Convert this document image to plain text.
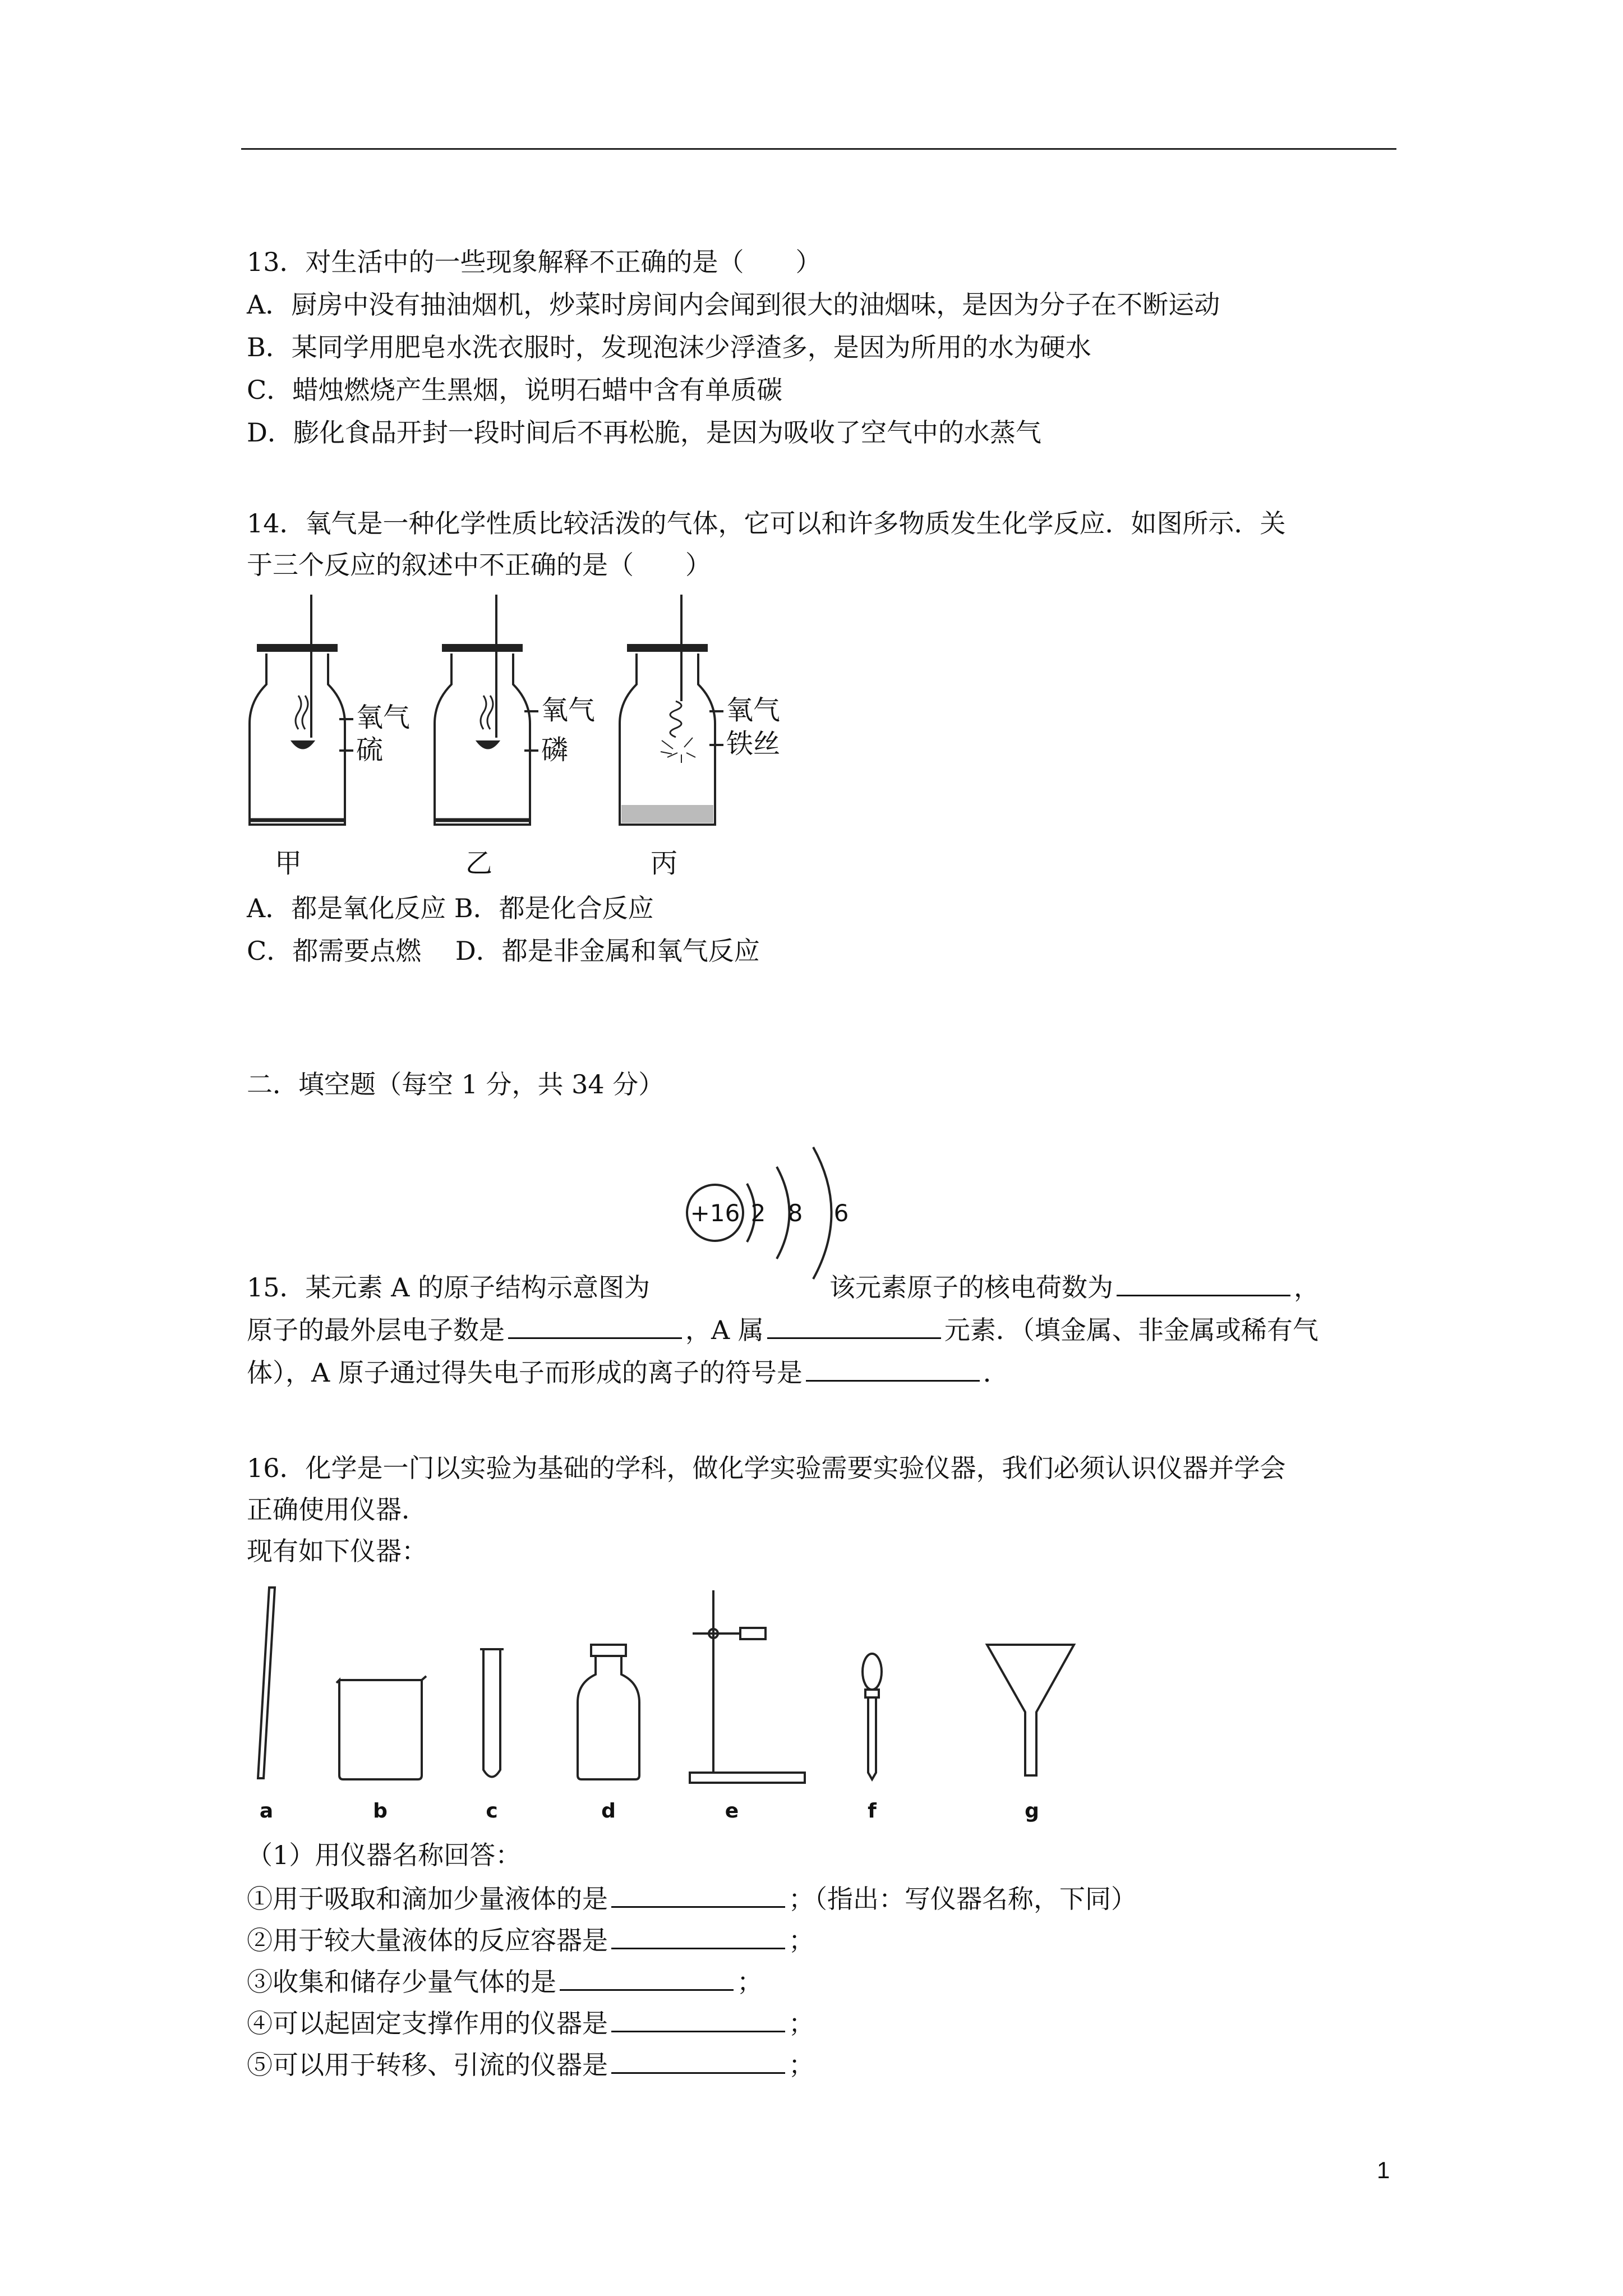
13．对生活中的一些现象解释不正确的是（　　）
A．厨房中没有抽油烟机，炒菜时房间内会闻到很大的油烟味，是因为分子在不断运动
B．某同学用肥皂水洗衣服时，发现泡沫少浮渣多，是因为所用的水为硬水
C．蜡烛燃烧产生黑烟，说明石蜡中含有单质碳
D．膨化食品开封一段时间后不再松脆，是因为吸收了空气中的水蒸气
14．氧气是一种化学性质比较活泼的气体，它可以和许多物质发生化学反应．如图所示．关
于三个反应的叙述中不正确的是（　　）
氧气
硫
甲
氧气
磷
乙
氧气
铁丝
丙
A．都是氧化反应 B．都是化合反应
C．都需要点燃　 D．都是非金属和氧气反应
二．填空题（每空 1 分，共 34 分）
+16 2 8 6
15．某元素 A 的原子结构示意图为	该元素原子的核电荷数为	，
原子的最外层电子数是	，A 属	元素．（填金属、非金属或稀有气
体），A 原子通过得失电子而形成的离子的符号是	．
16．化学是一门以实验为基础的学科，做化学实验需要实验仪器，我们必须认识仪器并学会
正确使用仪器．
现有如下仪器：
a	b	c	d	e	f	g
（1）用仪器名称回答：
①用于吸取和滴加少量液体的是	；（指出：写仪器名称，下同）
②用于较大量液体的反应容器是	；
③收集和储存少量气体的是	；
④可以起固定支撑作用的仪器是	；
⑤可以用于转移、引流的仪器是	；
1
